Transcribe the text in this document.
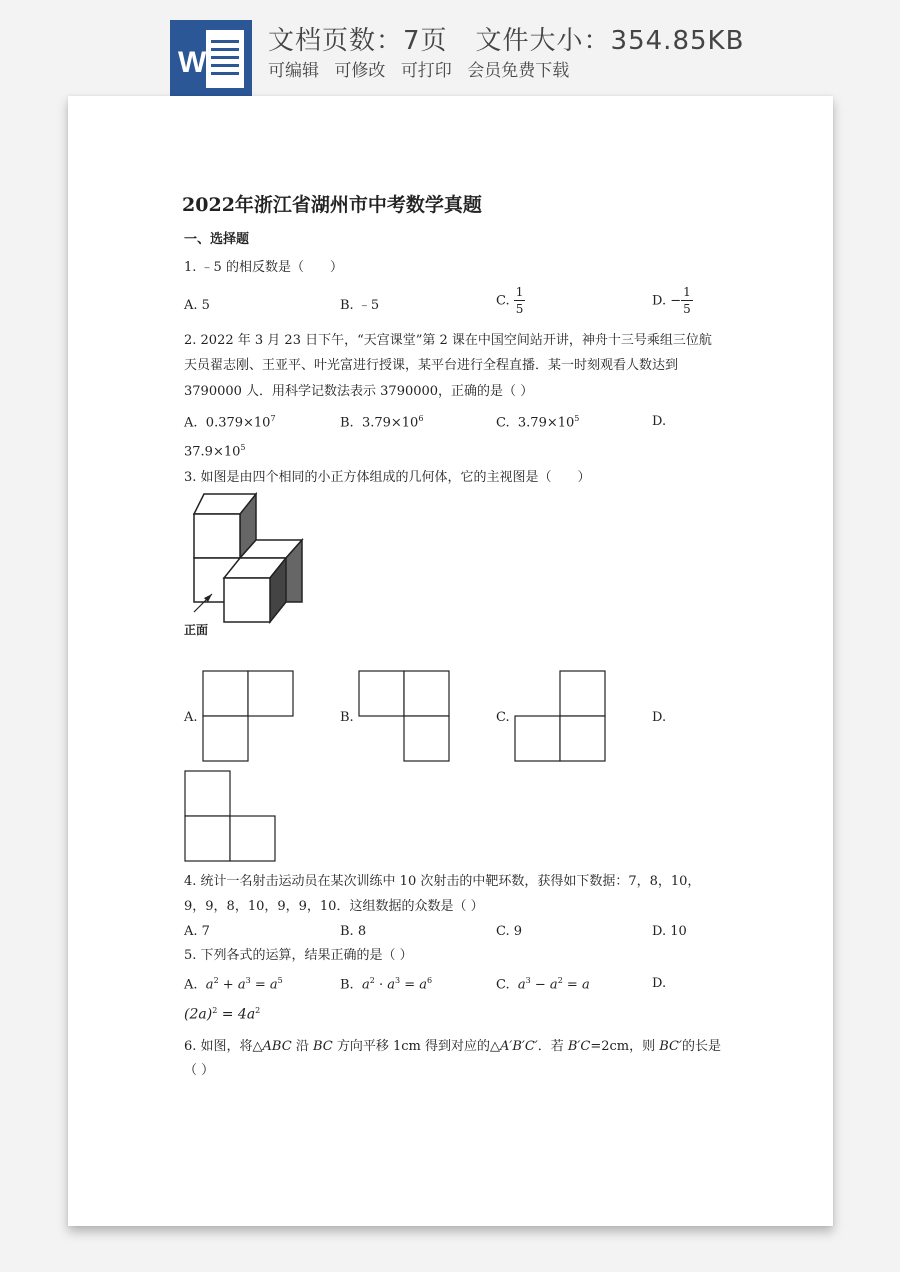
W
文档页数：7页 文件大小：354.85KB
可编辑 可修改 可打印 会员免费下载
2022年浙江省湖州市中考数学真题
一、选择题
1. ﹣5 的相反数是（　　）
A. 5	B. ﹣5	C. $\frac{1}{5}$	D. − $\frac{1}{5}$
2. 2022 年 3 月 23 日下午，“天宫课堂”第 2 课在中国空间站开讲，神舟十三号乘组三位航
天员翟志刚、王亚平、叶光富进行授课，某平台进行全程直播．某一时刻观看人数达到
3790000 人．用科学记数法表示 3790000，正确的是（ ）
A. $0.379\times 10^7$	B. $3.79\times 10^6$	C. $3.79\times 10^5$	D.
$37.9\times 10^5$
3. 如图是由四个相同的小正方体组成的几何体，它的主视图是（　　）
正面
A.	B.	C.	D.
4. 统计一名射击运动员在某次训练中 10 次射击的中靶环数，获得如下数据：7，8，10，
9，9，8，10，9，9，10．这组数据的众数是（ ）
A. 7	B. 8	C. 9	D. 10
5. 下列各式的运算，结果正确的是（ ）
A. $a^2 + a^3 = a^5$	B. $a^2 \cdot a^3 = a^6$	C. $a^3 - a^2 = a$	D.
$(2a)^2 = 4a^2$
6. 如图，将△ABC 沿 BC 方向平移 1cm 得到对应的△A′B′C′．若 B′C=2cm，则 BC′的长是
（ ）
